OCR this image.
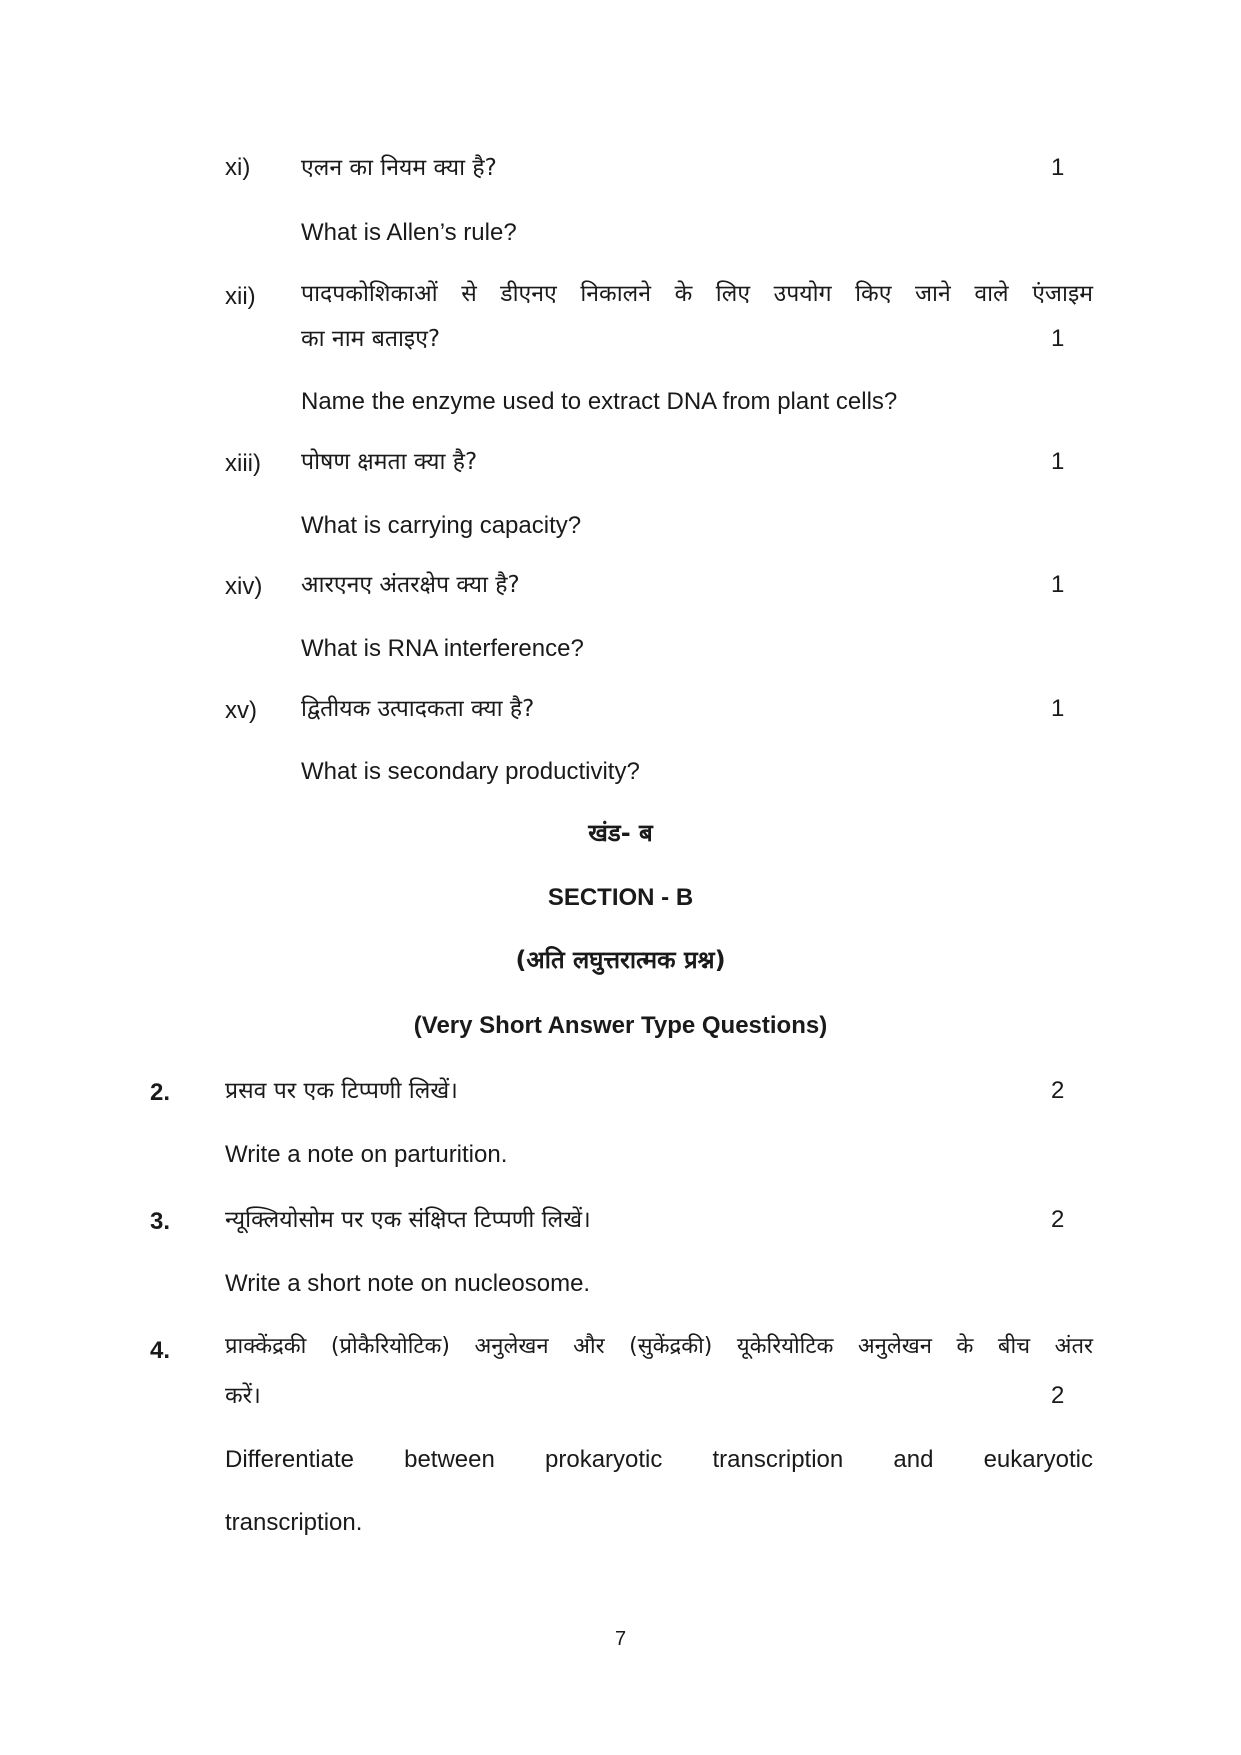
xi) एलन का नियम क्या है?	1
What is Allen’s rule?
xii) पादपकोशिकाओं से डीएनए निकालने के लिए उपयोग किए जाने वाले एंजाइम
का नाम बताइए?	1
Name the enzyme used to extract DNA from plant cells?
xiii) पोषण क्षमता क्या है?	1
What is carrying capacity?
xiv) आरएनए अंतरक्षेप क्या है?	1
What is RNA interference?
xv) द्वितीयक उत्पादकता क्या है?	1
What is secondary productivity?
खंड- ब
SECTION - B
(अति लघुत्तरात्मक प्रश्न)
(Very Short Answer Type Questions)
2. प्रसव पर एक टिप्पणी लिखें।	2
Write a note on parturition.
3. न्यूक्लियोसोम पर एक संक्षिप्त टिप्पणी लिखें।	2
Write a short note on nucleosome.
4. प्राक्केंद्रकी (प्रोकैरियोटिक) अनुलेखन और (सुकेंद्रकी) यूकेरियोटिक अनुलेखन के बीच अंतर
करें।	2
Differentiate between prokaryotic transcription and eukaryotic
transcription.
7
